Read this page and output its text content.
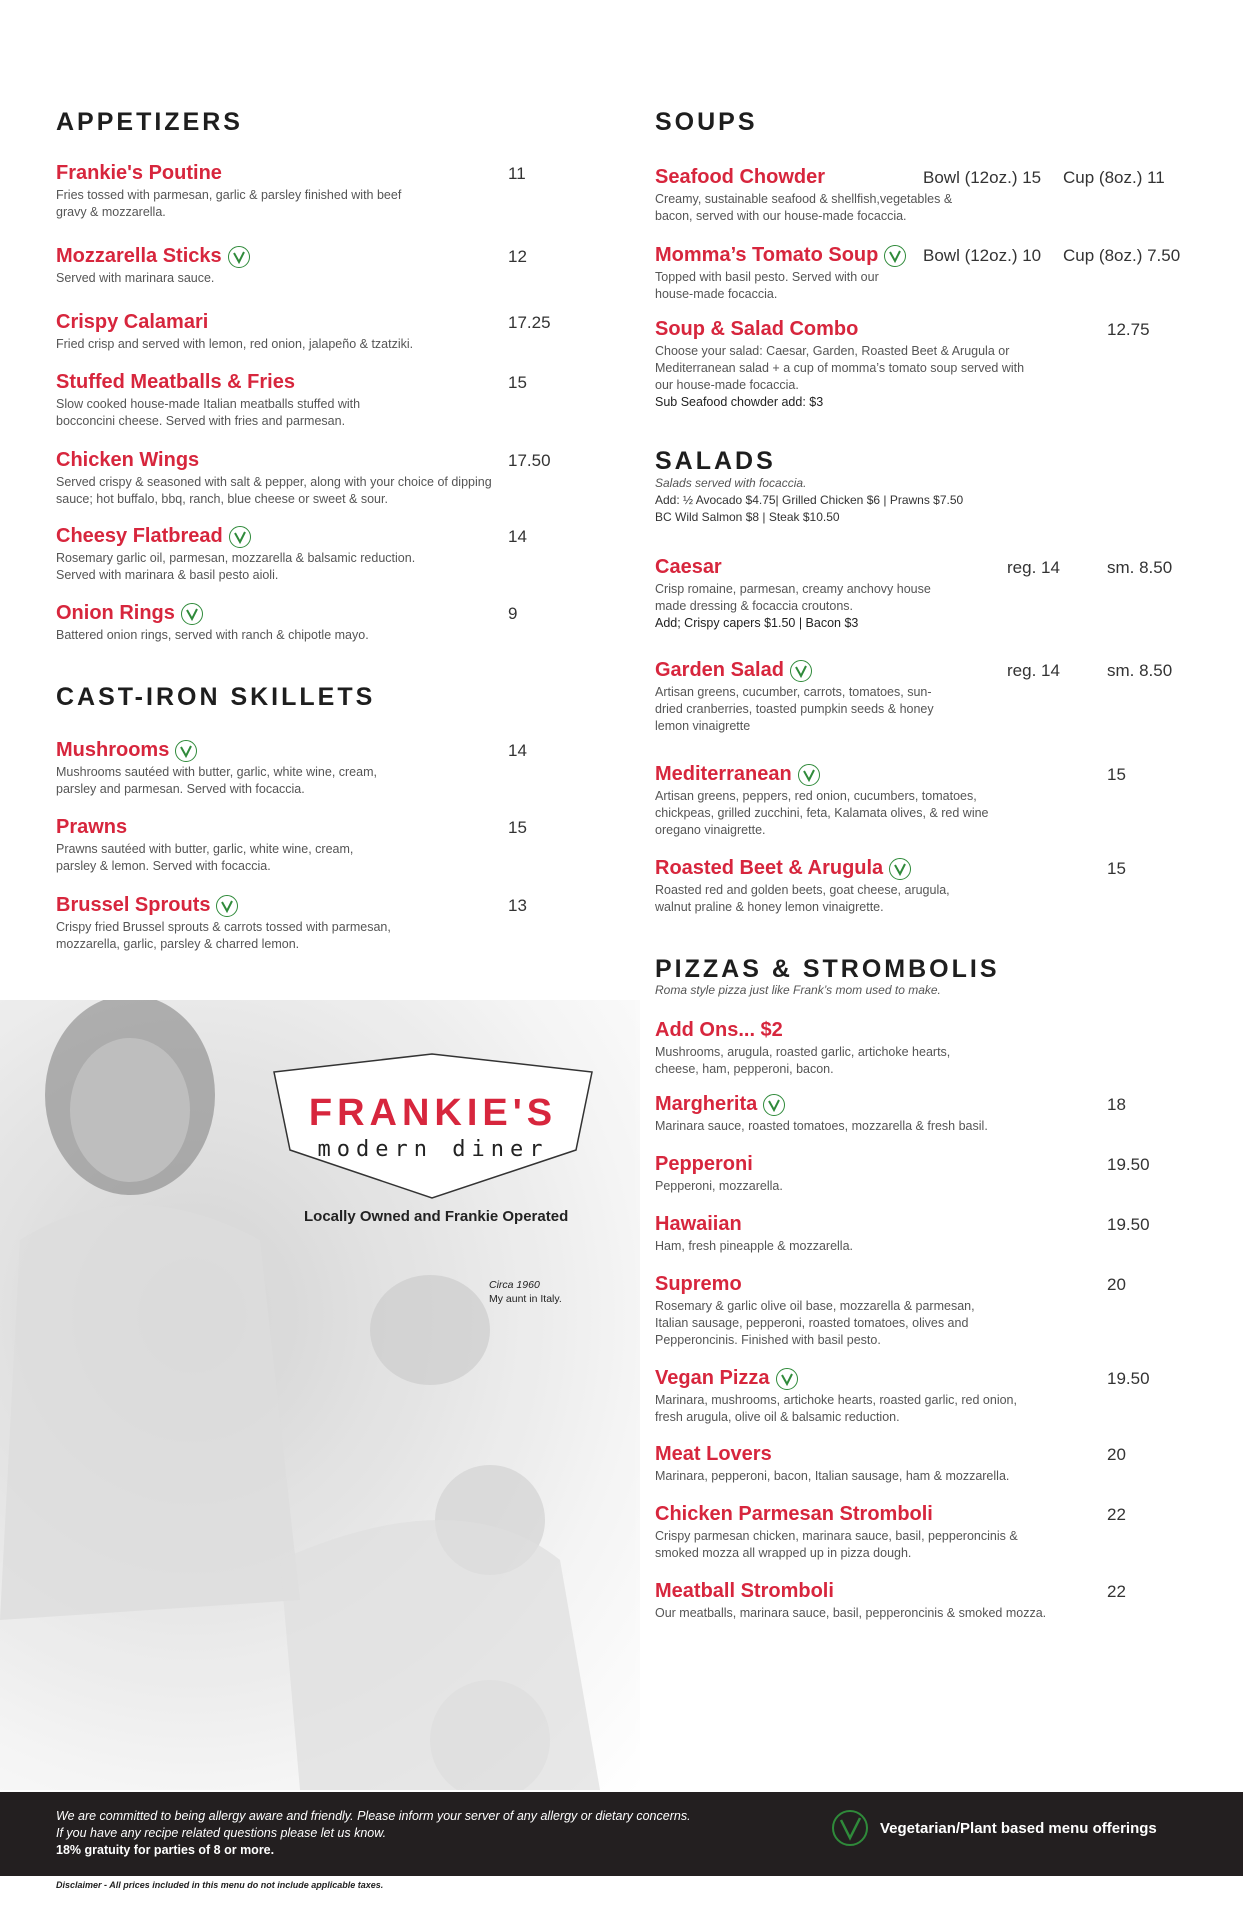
APPETIZERS
Frankie's Poutine
Fries tossed with parmesan, garlic & parsley finished with beef gravy & mozzarella.
11
Mozzarella Sticks
Served with marinara sauce.
12
Crispy Calamari
Fried crisp and served with lemon, red onion, jalapeño & tzatziki.
17.25
Stuffed Meatballs & Fries
Slow cooked house-made Italian meatballs stuffed with bocconcini cheese. Served with fries and parmesan.
15
Chicken Wings
Served crispy & seasoned with salt & pepper, along with your choice of dipping sauce; hot buffalo, bbq, ranch, blue cheese or sweet & sour.
17.50
Cheesy Flatbread
Rosemary garlic oil, parmesan, mozzarella & balsamic reduction. Served with marinara & basil pesto aioli.
14
Onion Rings
Battered onion rings, served with ranch & chipotle mayo.
9
CAST-IRON SKILLETS
Mushrooms
Mushrooms sautéed with butter, garlic, white wine, cream, parsley and parmesan. Served with focaccia.
14
Prawns
Prawns sautéed with butter, garlic, white wine, cream, parsley & lemon. Served with focaccia.
15
Brussel Sprouts
Crispy fried Brussel sprouts & carrots tossed with parmesan, mozzarella, garlic, parsley & charred lemon.
13
FRANKIE'S
modern diner
Locally Owned and Frankie Operated
Circa 1960
My aunt in Italy.
SOUPS
Seafood Chowder
Creamy, sustainable seafood & shellfish,vegetables & bacon, served with our house-made focaccia.
Bowl (12oz.) 15 Cup (8oz.) 11
Momma’s Tomato Soup
Topped with basil pesto. Served with our house-made focaccia.
Bowl (12oz.) 10 Cup (8oz.) 7.50
Soup & Salad Combo
Choose your salad: Caesar, Garden, Roasted Beet & Arugula or Mediterranean salad + a cup of momma’s tomato soup served with our house-made focaccia.
Sub Seafood chowder add: $3
12.75
SALADS
Salads served with focaccia.
Add: ½ Avocado $4.75| Grilled Chicken $6 | Prawns $7.50
BC Wild Salmon $8 | Steak $10.50
Caesar
Crisp romaine, parmesan, creamy anchovy house made dressing & focaccia croutons.
Add; Crispy capers $1.50 | Bacon $3
reg. 14	sm. 8.50
Garden Salad
Artisan greens, cucumber, carrots, tomatoes, sun-dried cranberries, toasted pumpkin seeds & honey lemon vinaigrette
reg. 14	sm. 8.50
Mediterranean
Artisan greens, peppers, red onion, cucumbers, tomatoes, chickpeas, grilled zucchini, feta, Kalamata olives, & red wine oregano vinaigrette.
15
Roasted Beet & Arugula
Roasted red and golden beets, goat cheese, arugula, walnut praline & honey lemon vinaigrette.
15
PIZZAS & STROMBOLIS
Roma style pizza just like Frank’s mom used to make.
Add Ons... $2
Mushrooms, arugula, roasted garlic, artichoke hearts, cheese, ham, pepperoni, bacon.
Margherita
Marinara sauce, roasted tomatoes, mozzarella & fresh basil.
18
Pepperoni
Pepperoni, mozzarella.
19.50
Hawaiian
Ham, fresh pineapple & mozzarella.
19.50
Supremo
Rosemary & garlic olive oil base, mozzarella & parmesan, Italian sausage, pepperoni, roasted tomatoes, olives and Pepperoncinis. Finished with basil pesto.
20
Vegan Pizza
Marinara, mushrooms, artichoke hearts, roasted garlic, red onion, fresh arugula, olive oil & balsamic reduction.
19.50
Meat Lovers
Marinara, pepperoni, bacon, Italian sausage, ham & mozzarella.
20
Chicken Parmesan Stromboli
Crispy parmesan chicken, marinara sauce, basil, pepperoncinis & smoked mozza all wrapped up in pizza dough.
22
Meatball Stromboli
Our meatballs, marinara sauce, basil, pepperoncinis & smoked mozza.
22
We are committed to being allergy aware and friendly. Please inform your server of any allergy or dietary concerns.
If you have any recipe related questions please let us know.
18% gratuity for parties of 8 or more.
Vegetarian/Plant based menu offerings
Disclaimer - All prices included in this menu do not include applicable taxes.
